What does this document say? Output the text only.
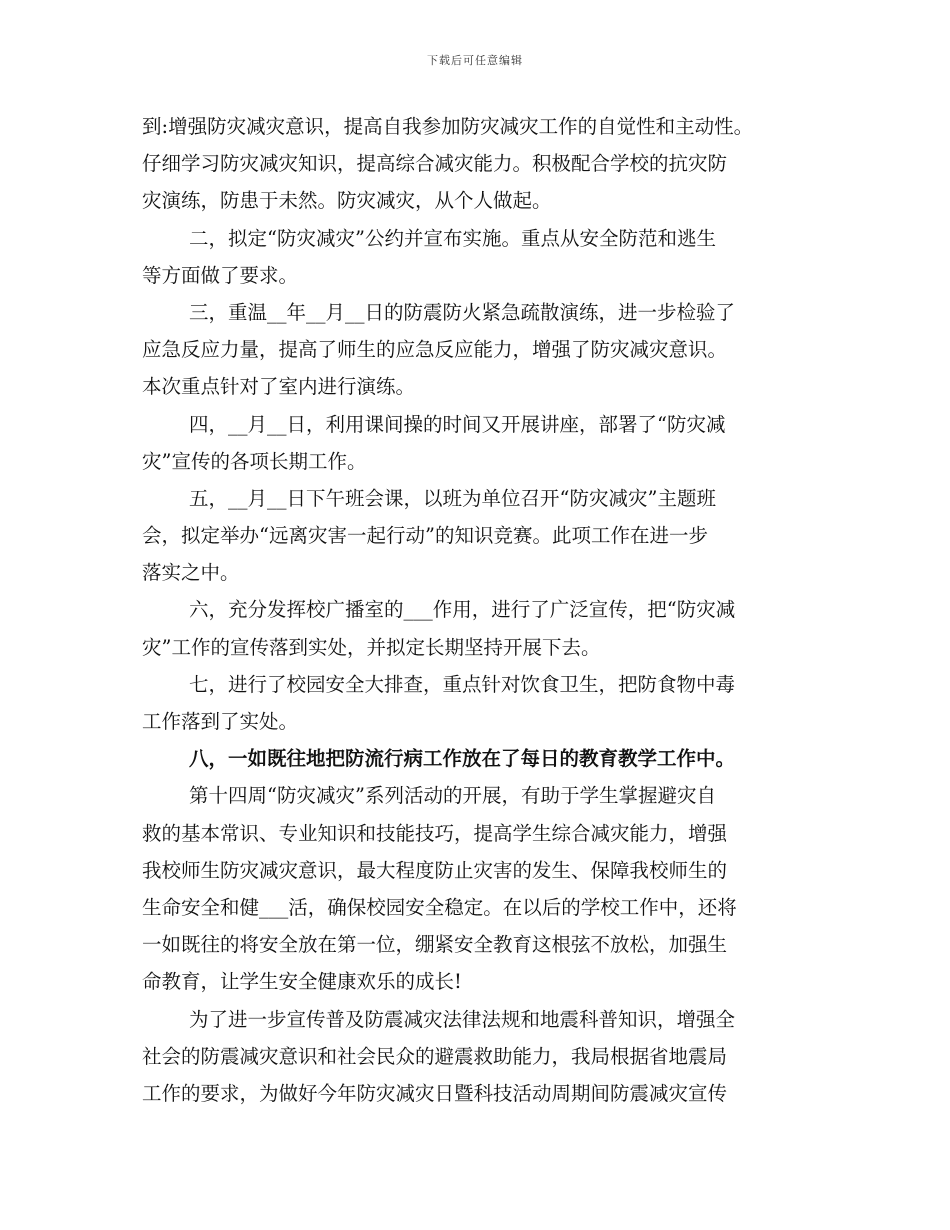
下载后可任意编辑
到:增强防灾减灾意识，提高自我参加防灾减灾工作的自觉性和主动性。
仔细学习防灾减灾知识，提高综合减灾能力。积极配合学校的抗灾防
灾演练，防患于未然。防灾减灾，从个人做起。
二，拟定“防灾减灾”公约并宣布实施。重点从安全防范和逃生
等方面做了要求。
三，重温__年__月__日的防震防火紧急疏散演练，进一步检验了
应急反应力量，提高了师生的应急反应能力，增强了防灾减灾意识。
本次重点针对了室内进行演练。
四，__月__日，利用课间操的时间又开展讲座，部署了“防灾减
灾”宣传的各项长期工作。
五，__月__日下午班会课，以班为单位召开“防灾减灾”主题班
会，拟定举办“远离灾害一起行动”的知识竞赛。此项工作在进一步
落实之中。
六，充分发挥校广播室的___作用，进行了广泛宣传，把“防灾减
灾”工作的宣传落到实处，并拟定长期坚持开展下去。
七，进行了校园安全大排查，重点针对饮食卫生，把防食物中毒
工作落到了实处。
八，一如既往地把防流行病工作放在了每日的教育教学工作中。
第十四周“防灾减灾”系列活动的开展，有助于学生掌握避灾自
救的基本常识、专业知识和技能技巧，提高学生综合减灾能力，增强
我校师生防灾减灾意识，最大程度防止灾害的发生、保障我校师生的
生命安全和健___活，确保校园安全稳定。在以后的学校工作中，还将
一如既往的将安全放在第一位，绷紧安全教育这根弦不放松，加强生
命教育，让学生安全健康欢乐的成长!
为了进一步宣传普及防震减灾法律法规和地震科普知识，增强全
社会的防震减灾意识和社会民众的避震救助能力，我局根据省地震局
工作的要求，为做好今年防灾减灾日暨科技活动周期间防震减灾宣传
